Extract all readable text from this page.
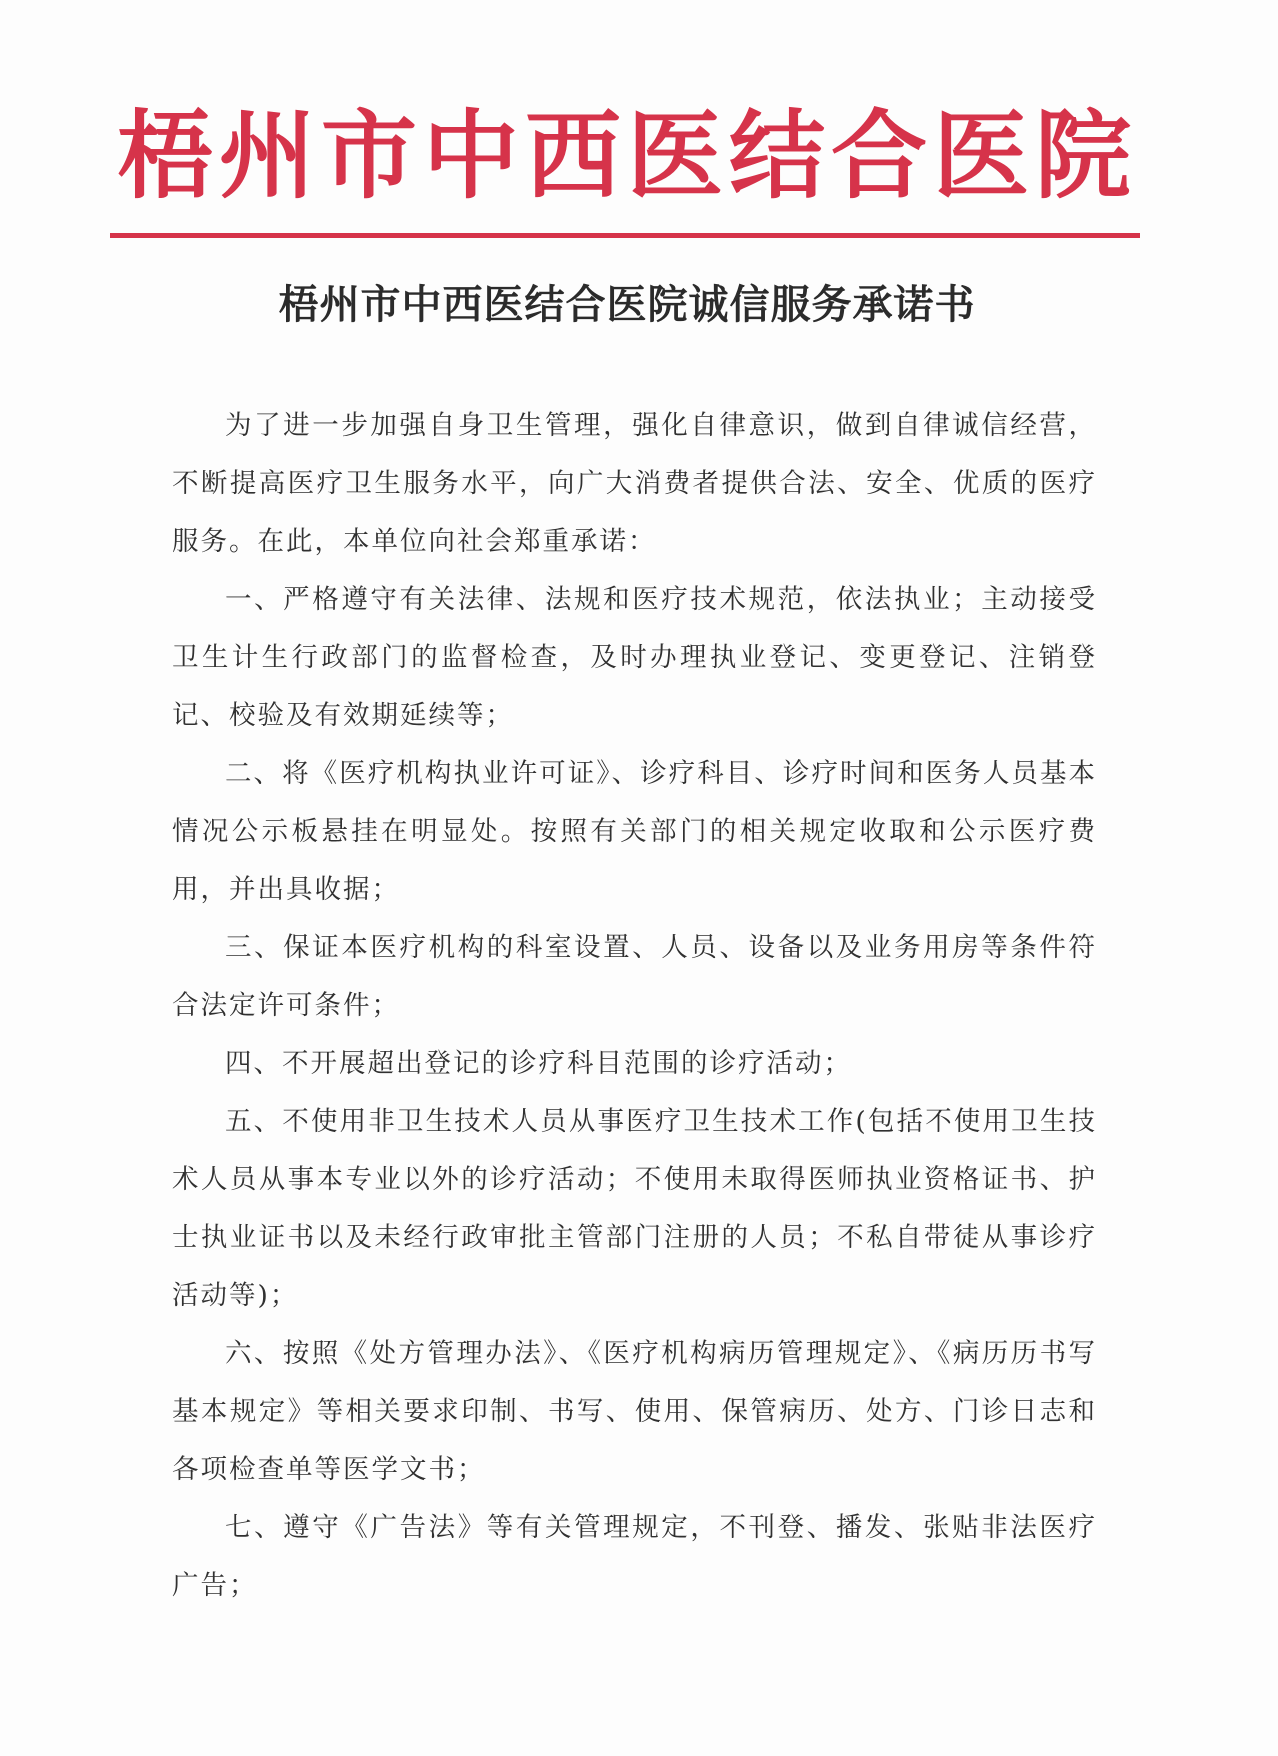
梧州市中西医结合医院
梧州市中西医结合医院诚信服务承诺书

为了进一步加强自身卫生管理，强化自律意识，做到自律诚信经营，不断提高医疗卫生服务水平，向广大消费者提供合法、安全、优质的医疗服务。在此，本单位向社会郑重承诺：

一、严格遵守有关法律、法规和医疗技术规范，依法执业；主动接受卫生计生行政部门的监督检查，及时办理执业登记、变更登记、注销登记、校验及有效期延续等；

二、将《医疗机构执业许可证》、诊疗科目、诊疗时间和医务人员基本情况公示板悬挂在明显处。按照有关部门的相关规定收取和公示医疗费用，并出具收据；

三、保证本医疗机构的科室设置、人员、设备以及业务用房等条件符合法定许可条件；

四、不开展超出登记的诊疗科目范围的诊疗活动；

五、不使用非卫生技术人员从事医疗卫生技术工作(包括不使用卫生技术人员从事本专业以外的诊疗活动；不使用未取得医师执业资格证书、护士执业证书以及未经行政审批主管部门注册的人员；不私自带徒从事诊疗活动等)；

六、按照《处方管理办法》、《医疗机构病历管理规定》、《病历历书写基本规定》等相关要求印制、书写、使用、保管病历、处方、门诊日志和各项检查单等医学文书；

七、遵守《广告法》等有关管理规定，不刊登、播发、张贴非法医疗广告；
